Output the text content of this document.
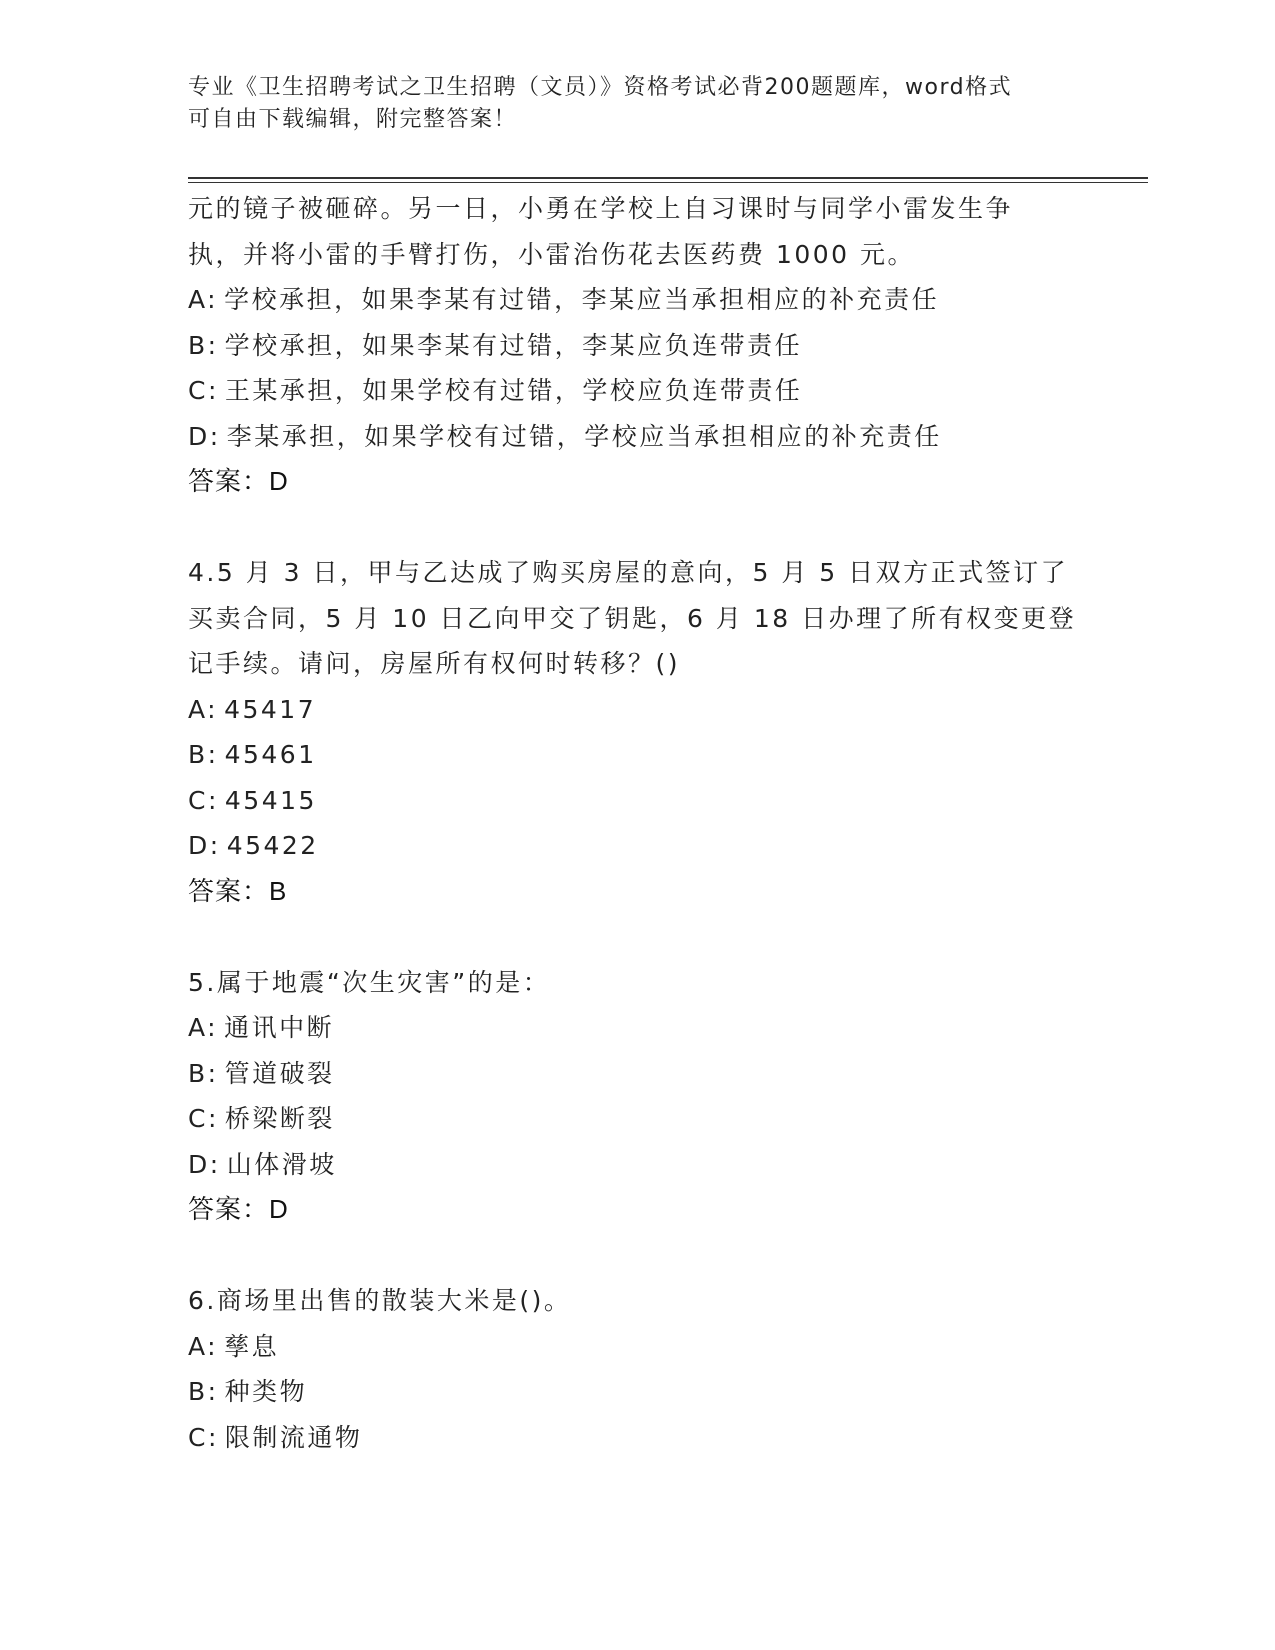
专业《卫生招聘考试之卫生招聘（文员）》资格考试必背200题题库，word格式
可自由下载编辑，附完整答案！
元的镜子被砸碎。另一日，小勇在学校上自习课时与同学小雷发生争
执，并将小雷的手臂打伤，小雷治伤花去医药费 1000 元。
A: 学校承担，如果李某有过错，李某应当承担相应的补充责任
B: 学校承担，如果李某有过错，李某应负连带责任
C: 王某承担，如果学校有过错，学校应负连带责任
D: 李某承担，如果学校有过错，学校应当承担相应的补充责任
答案：D
4.5 月 3 日，甲与乙达成了购买房屋的意向，5 月 5 日双方正式签订了
买卖合同，5 月 10 日乙向甲交了钥匙，6 月 18 日办理了所有权变更登
记手续。请问，房屋所有权何时转移？()
A: 45417
B: 45461
C: 45415
D: 45422
答案：B
5.属于地震“次生灾害”的是：
A: 通讯中断
B: 管道破裂
C: 桥梁断裂
D: 山体滑坡
答案：D
6.商场里出售的散装大米是()。
A: 孳息
B: 种类物
C: 限制流通物
